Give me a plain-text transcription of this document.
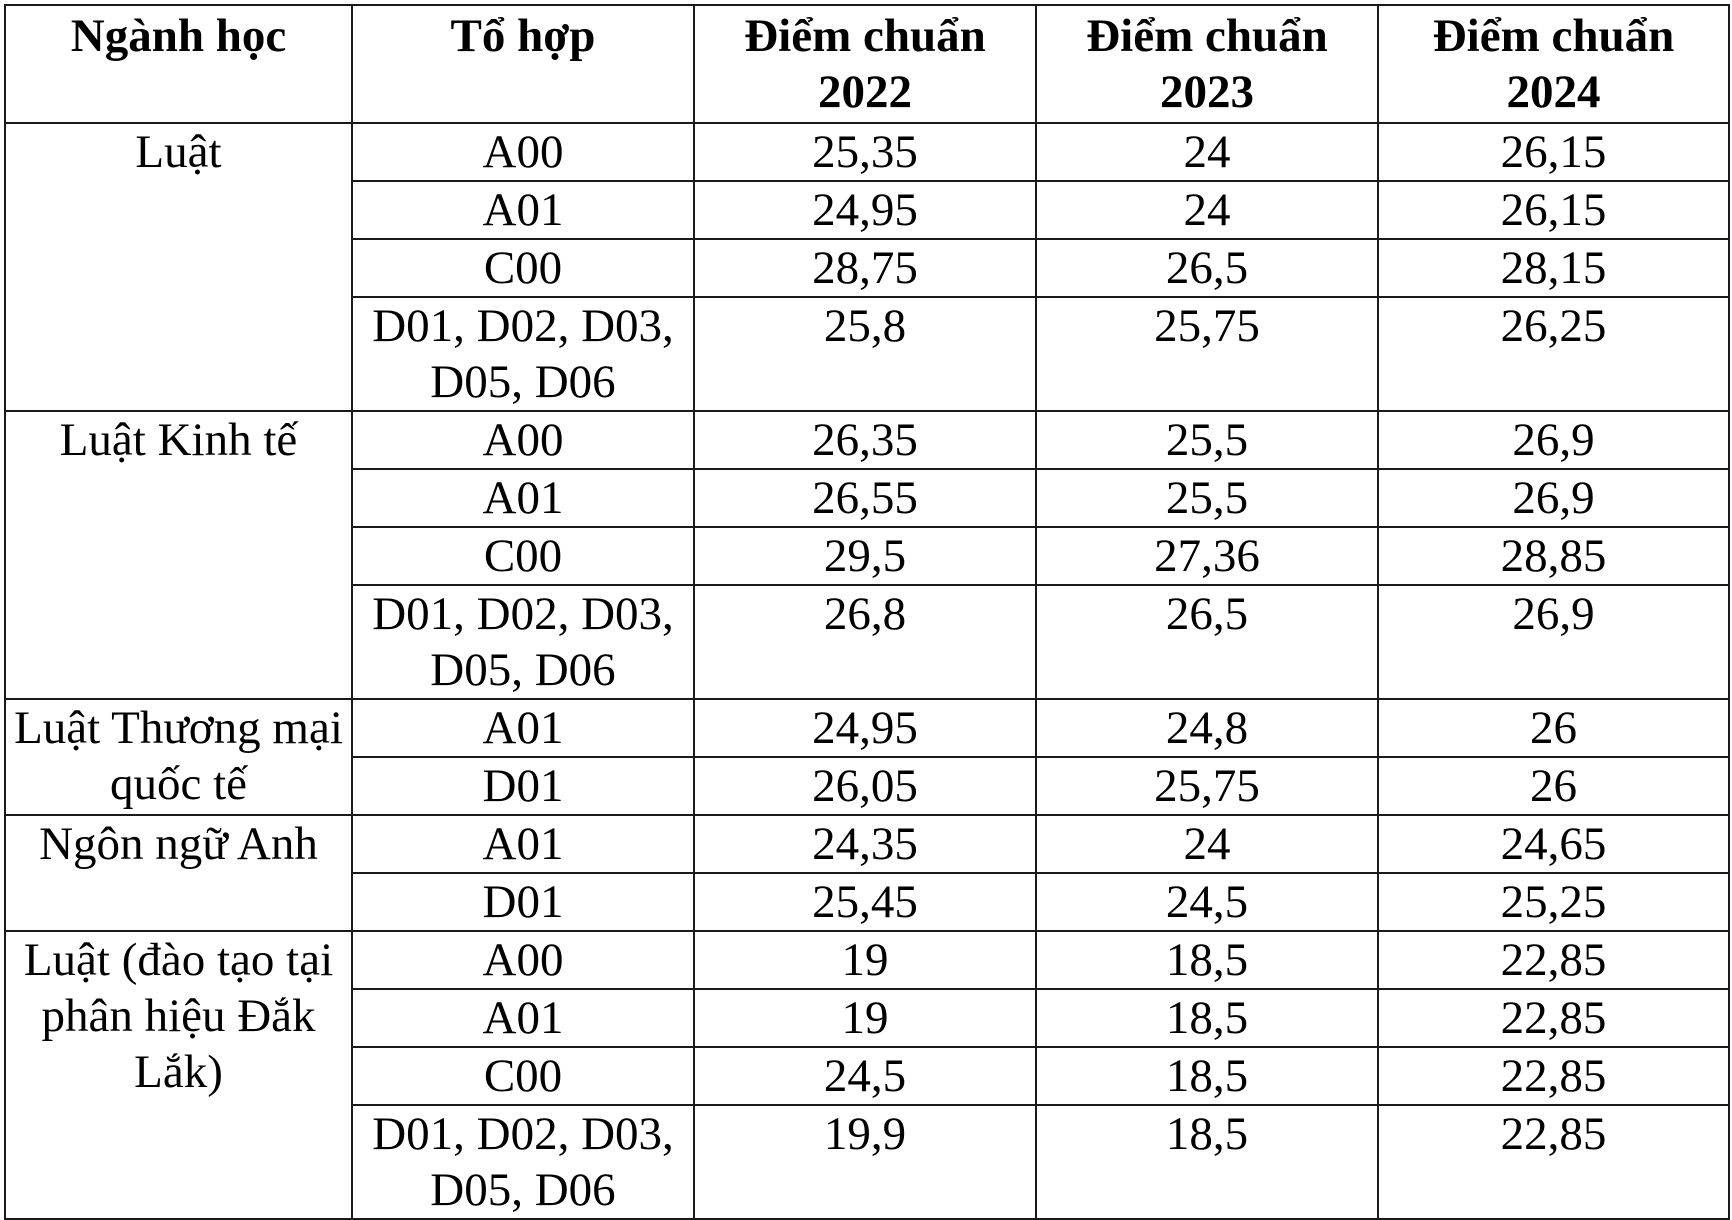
Ngành học	Tổ hợp	Điểm chuẩn 2022	Điểm chuẩn 2023	Điểm chuẩn 2024
Luật	A00	25,35	24	26,15
	A01	24,95	24	26,15
	C00	28,75	26,5	28,15
	D01, D02, D03, D05, D06	25,8	25,75	26,25
Luật Kinh tế	A00	26,35	25,5	26,9
	A01	26,55	25,5	26,9
	C00	29,5	27,36	28,85
	D01, D02, D03, D05, D06	26,8	26,5	26,9
Luật Thương mại quốc tế	A01	24,95	24,8	26
	D01	26,05	25,75	26
Ngôn ngữ Anh	A01	24,35	24	24,65
	D01	25,45	24,5	25,25
Luật (đào tạo tại phân hiệu Đắk Lắk)	A00	19	18,5	22,85
	A01	19	18,5	22,85
	C00	24,5	18,5	22,85
	D01, D02, D03, D05, D06	19,9	18,5	22,85
